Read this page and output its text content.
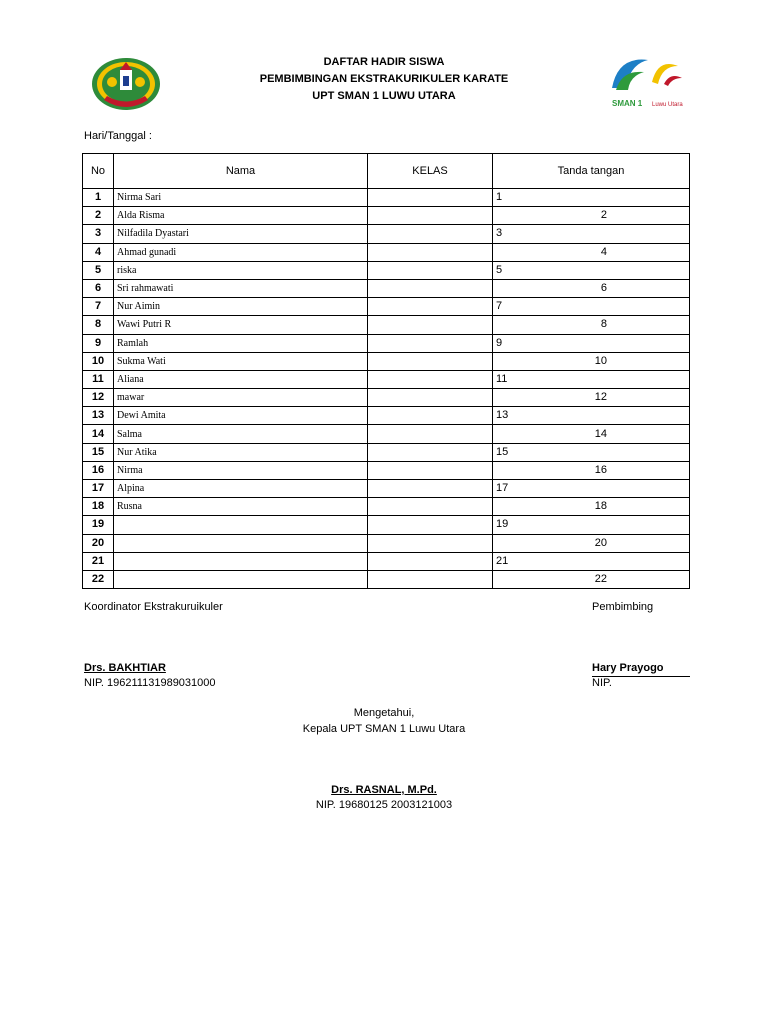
SMAN 1 Luwu Utara
DAFTAR HADIR SISWA
PEMBIMBINGAN EKSTRAKURIKULER KARATE
UPT SMAN 1 LUWU UTARA
Hari/Tanggal :
No	Nama	KELAS	Tanda tangan
1	Nirma Sari		1
2	Alda Risma		2
3	Nilfadila Dyastari		3
4	Ahmad gunadi		4
5	riska		5
6	Sri rahmawati		6
7	Nur Aimin		7
8	Wawi Putri R		8
9	Ramlah		9
10	Sukma Wati		10
11	Aliana		11
12	mawar		12
13	Dewi Amita		13
14	Salma		14
15	Nur Atika		15
16	Nirma		16
17	Alpina		17
18	Rusna		18
19			19
20			20
21			21
22			22
Koordinator Ekstrakuruikuler	Pembimbing
Drs. BAKHTIAR
NIP. 196211131989031000
Hary Prayogo
NIP.
Mengetahui,
Kepala UPT SMAN 1 Luwu Utara
Drs. RASNAL, M.Pd.
NIP. 19680125 2003121003
